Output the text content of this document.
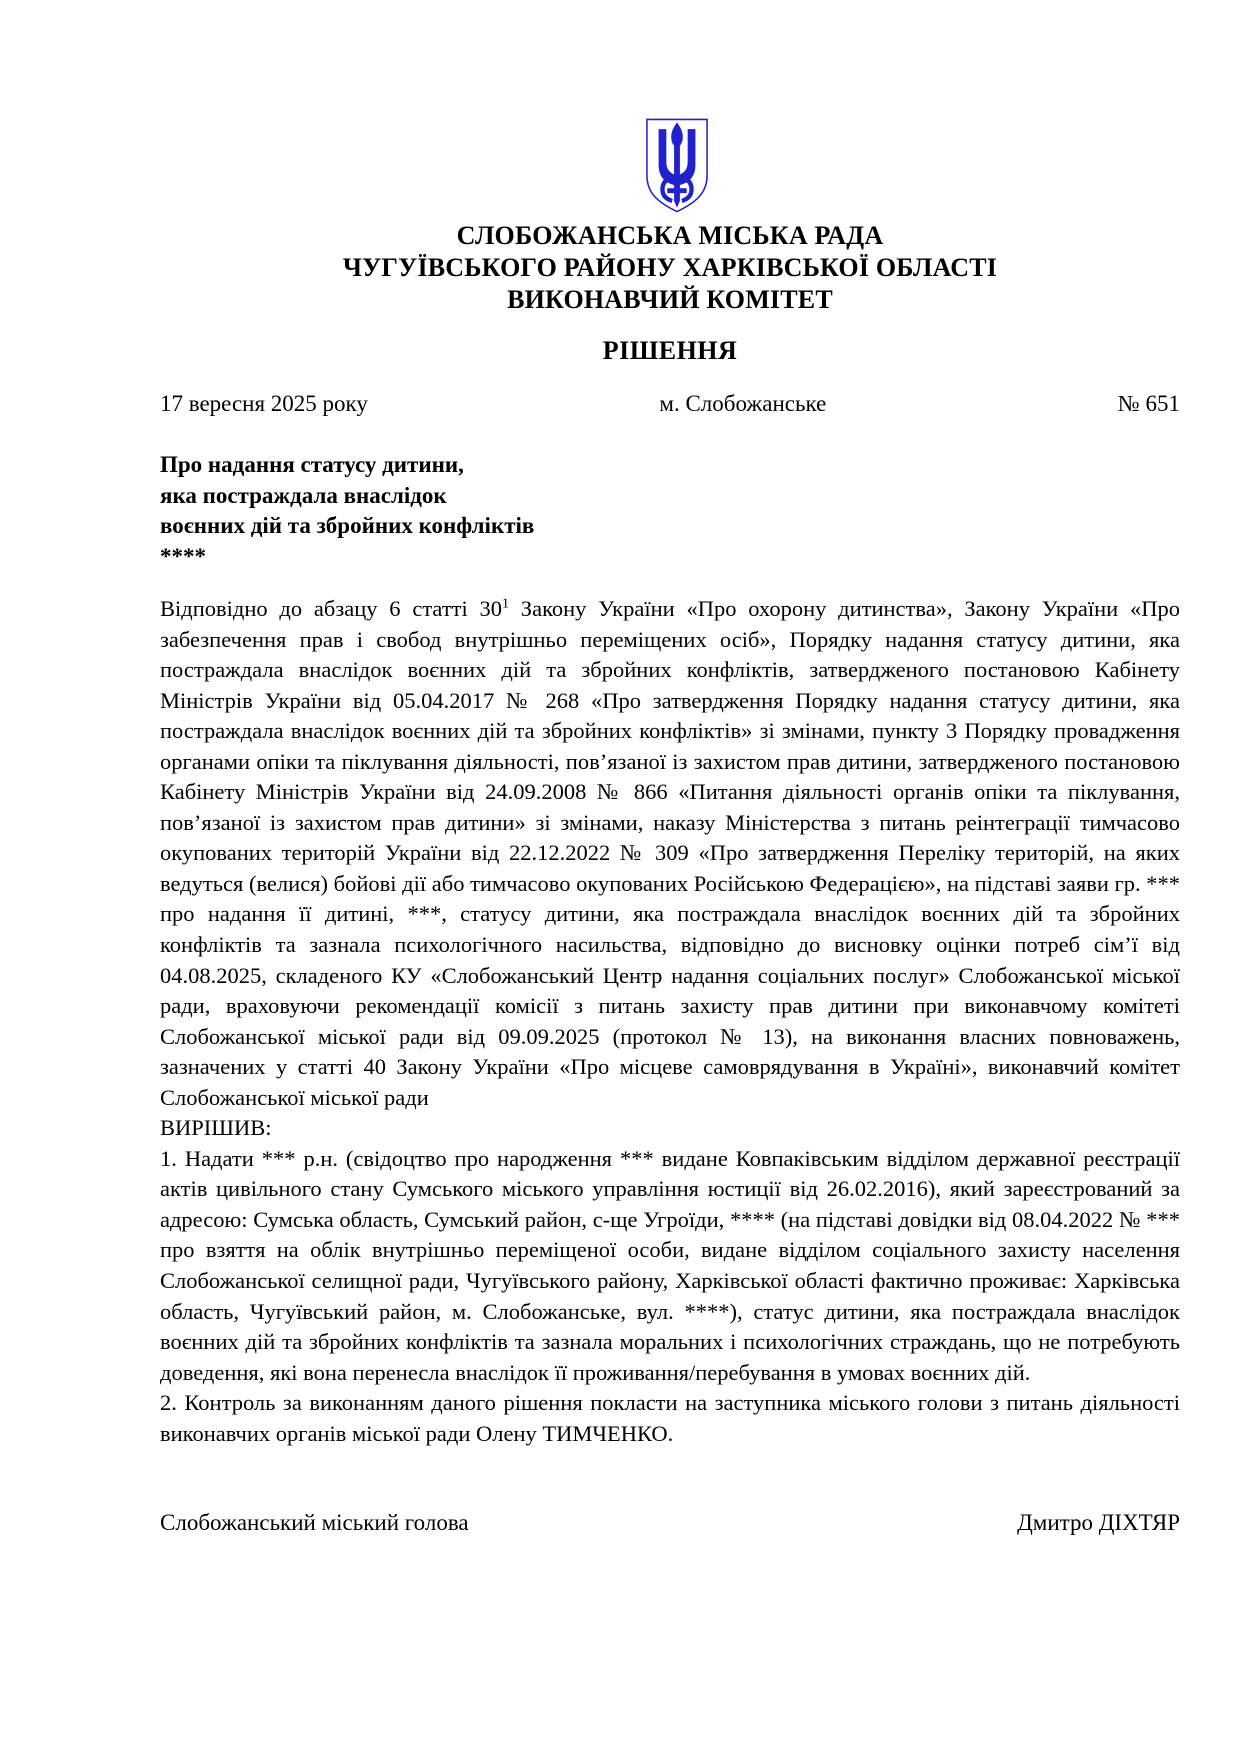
СЛОБОЖАНСЬКА МІСЬКА РАДА
ЧУГУЇВСЬКОГО РАЙОНУ ХАРКІВСЬКОЇ ОБЛАСТІ
ВИКОНАВЧИЙ КОМІТЕТ
РІШЕННЯ
17 вересня 2025 року	м. Слобожанське	№ 651
Про надання статусу дитини,
яка постраждала внаслідок
воєнних дій та збройних конфліктів
****

Відповідно до абзацу 6 статті 30$^1$ Закону України «Про охорону дитинства», Закону України «Про забезпечення прав і свобод внутрішньо переміщених осіб», Порядку надання статусу дитини, яка постраждала внаслідок воєнних дій та збройних конфліктів, затвердженого постановою Кабінету Міністрів України від 05.04.2017 № 268 «Про затвердження Порядку надання статусу дитини, яка постраждала внаслідок воєнних дій та збройних конфліктів» зі змінами, пункту 3 Порядку провадження органами опіки та піклування діяльності, пов’язаної із захистом прав дитини, затвердженого постановою Кабінету Міністрів України від 24.09.2008 № 866 «Питання діяльності органів опіки та піклування, пов’язаної із захистом прав дитини» зі змінами, наказу Міністерства з питань реінтеграції тимчасово окупованих територій України від 22.12.2022 № 309 «Про затвердження Переліку територій, на яких ведуться (велися) бойові дії або тимчасово окупованих Російською Федерацією», на підставі заяви гр. *** про надання її дитині, ***, статусу дитини, яка постраждала внаслідок воєнних дій та збройних конфліктів та зазнала психологічного насильства, відповідно до висновку оцінки потреб сім’ї від 04.08.2025, складеного КУ «Слобожанський Центр надання соціальних послуг» Слобожанської міської ради, враховуючи рекомендації комісії з питань захисту прав дитини при виконавчому комітеті Слобожанської міської ради від 09.09.2025 (протокол № 13), на виконання власних повноважень, зазначених у статті 40 Закону України «Про місцеве самоврядування в Україні», виконавчий комітет Слобожанської міської ради

ВИРІШИВ:

1. Надати *** р.н. (свідоцтво про народження *** видане Ковпаківським відділом державної реєстрації актів цивільного стану Сумського міського управління юстиції від 26.02.2016), який зареєстрований за адресою: Сумська область, Сумський район, с-ще Угроїди, **** (на підставі довідки від 08.04.2022 № *** про взяття на облік внутрішньо переміщеної особи, видане відділом соціального захисту населення Слобожанської селищної ради, Чугуївського району, Харківської області фактично проживає: Харківська область, Чугуївський район, м. Слобожанське, вул. ****), статус дитини, яка постраждала внаслідок воєнних дій та збройних конфліктів та зазнала моральних і психологічних страждань, що не потребують доведення, які вона перенесла внаслідок її проживання/перебування в умовах воєнних дій.

2. Контроль за виконанням даного рішення покласти на заступника міського голови з питань діяльності виконавчих органів міської ради Олену ТИМЧЕНКО.

Слобожанський міський голова	Дмитро ДІХТЯР
